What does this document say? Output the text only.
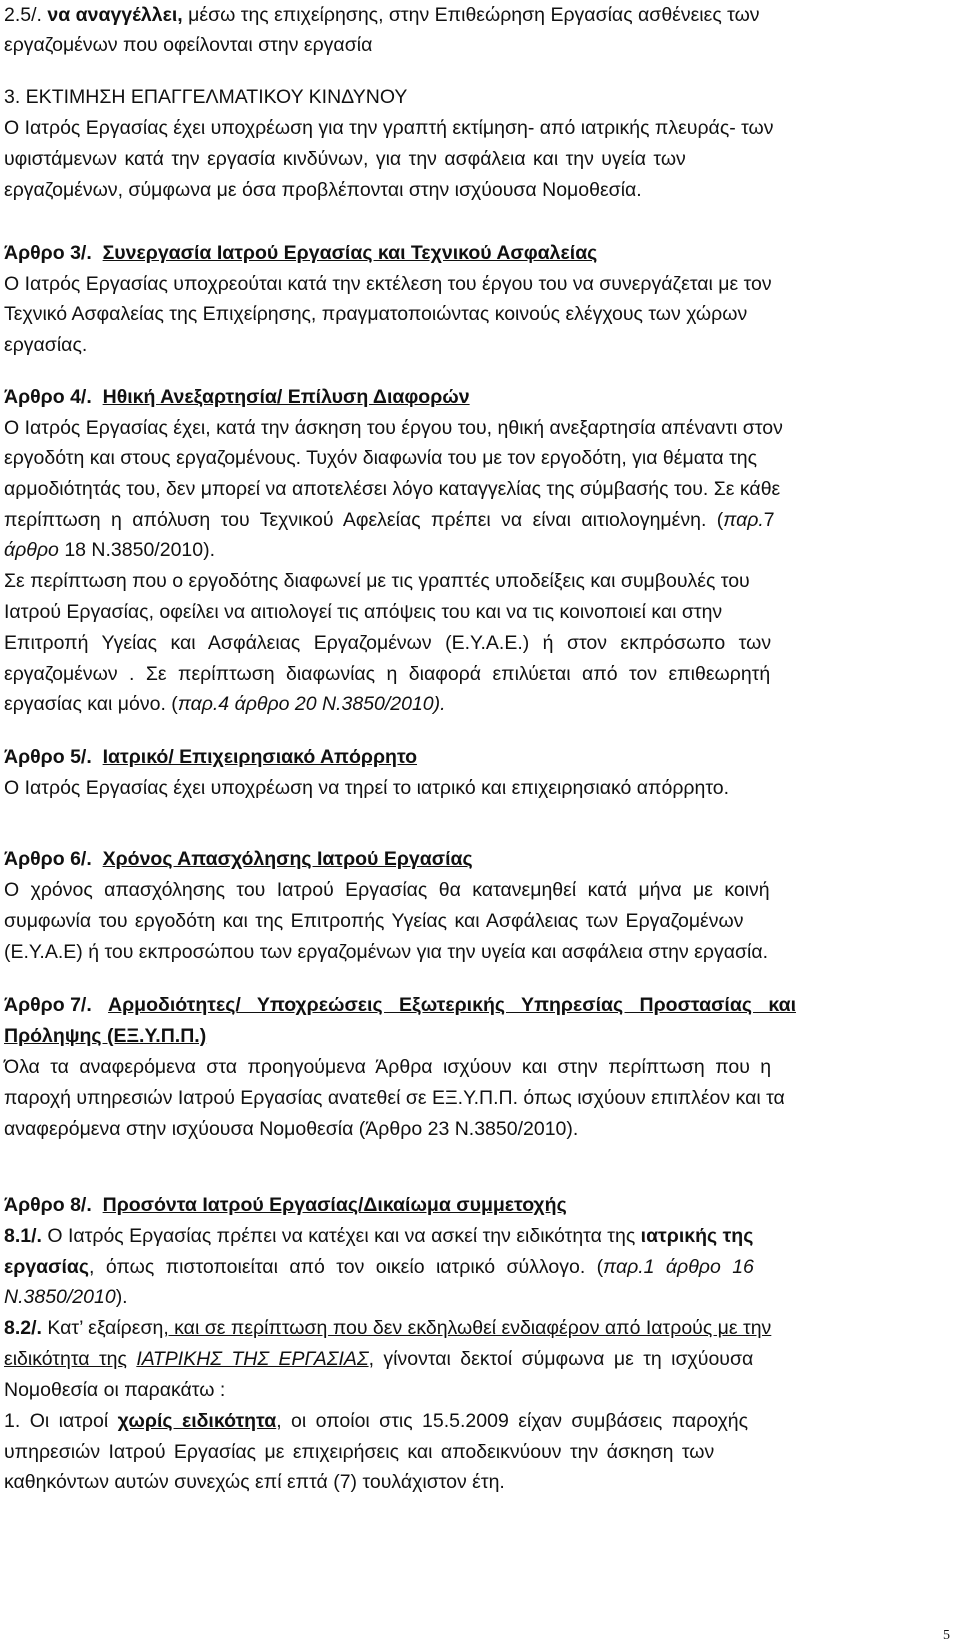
2.5/. να αναγγέλλει, μέσω της επιχείρησης, στην Επιθεώρηση Εργασίας ασθένειες των
εργαζομένων που οφείλονται στην εργασία
3. ΕΚΤΙΜΗΣΗ ΕΠΑΓΓΕΛΜΑΤΙΚΟΥ ΚΙΝΔΥΝΟΥ
Ο Ιατρός Εργασίας έχει υποχρέωση για την γραπτή εκτίμηση- από ιατρικής πλευράς- των
υφιστάμενων κατά την εργασία κινδύνων, για την ασφάλεια και την υγεία των
εργαζομένων, σύμφωνα με όσα προβλέπονται στην ισχύουσα Νομοθεσία.
Άρθρο 3/. Συνεργασία Ιατρού Εργασίας και Τεχνικού Ασφαλείας
Ο Ιατρός Εργασίας υποχρεούται κατά την εκτέλεση του έργου του να συνεργάζεται με τον
Τεχνικό Ασφαλείας της Επιχείρησης, πραγματοποιώντας κοινούς ελέγχους των χώρων
εργασίας.
Άρθρο 4/. Ηθική Ανεξαρτησία/ Επίλυση Διαφορών
Ο Ιατρός Εργασίας έχει, κατά την άσκηση του έργου του, ηθική ανεξαρτησία απέναντι στον
εργοδότη και στους εργαζομένους. Τυχόν διαφωνία του με τον εργοδότη, για θέματα της
αρμοδιότητάς του, δεν μπορεί να αποτελέσει λόγο καταγγελίας της σύμβασής του. Σε κάθε
περίπτωση η απόλυση του Τεχνικού Αφελείας πρέπει να είναι αιτιολογημένη. (παρ.7
άρθρο 18 Ν.3850/2010).
Σε περίπτωση που ο εργοδότης διαφωνεί με τις γραπτές υποδείξεις και συμβουλές του
Ιατρού Εργασίας, οφείλει να αιτιολογεί τις απόψεις του και να τις κοινοποιεί και στην
Επιτροπή Υγείας και Ασφάλειας Εργαζομένων (Ε.Υ.Α.Ε.) ή στον εκπρόσωπο των
εργαζομένων . Σε περίπτωση διαφωνίας η διαφορά επιλύεται από τον επιθεωρητή
εργασίας και μόνο. (παρ.4 άρθρο 20 Ν.3850/2010).
Άρθρο 5/. Ιατρικό/ Επιχειρησιακό Απόρρητο
Ο Ιατρός Εργασίας έχει υποχρέωση να τηρεί το ιατρικό και επιχειρησιακό απόρρητο.
Άρθρο 6/. Χρόνος Απασχόλησης Ιατρού Εργασίας
Ο χρόνος απασχόλησης του Ιατρού Εργασίας θα κατανεμηθεί κατά μήνα με κοινή
συμφωνία του εργοδότη και της Επιτροπής Υγείας και Ασφάλειας των Εργαζομένων
(Ε.Υ.Α.Ε) ή του εκπροσώπου των εργαζομένων για την υγεία και ασφάλεια στην εργασία.
Άρθρο 7/. Αρμοδιότητες/ Υποχρεώσεις Εξωτερικής Υπηρεσίας Προστασίας και
Πρόληψης (ΕΞ.Υ.Π.Π.)
Όλα τα αναφερόμενα στα προηγούμενα Άρθρα ισχύουν και στην περίπτωση που η
παροχή υπηρεσιών Ιατρού Εργασίας ανατεθεί σε ΕΞ.Υ.Π.Π. όπως ισχύουν επιπλέον και τα
αναφερόμενα στην ισχύουσα Νομοθεσία (Άρθρο 23 Ν.3850/2010).
Άρθρο 8/. Προσόντα Ιατρού Εργασίας/Δικαίωμα συμμετοχής
8.1/. Ο Ιατρός Εργασίας πρέπει να κατέχει και να ασκεί την ειδικότητα της ιατρικής της
εργασίας, όπως πιστοποιείται από τον οικείο ιατρικό σύλλογο. (παρ.1 άρθρο 16
Ν.3850/2010).
8.2/. Κατ’ εξαίρεση, και σε περίπτωση που δεν εκδηλωθεί ενδιαφέρον από Ιατρούς με την
ειδικότητα της ΙΑΤΡΙΚΗΣ ΤΗΣ ΕΡΓΑΣΙΑΣ, γίνονται δεκτοί σύμφωνα με τη ισχύουσα
Νομοθεσία οι παρακάτω :
1. Οι ιατροί χωρίς ειδικότητα, οι οποίοι στις 15.5.2009 είχαν συμβάσεις παροχής
υπηρεσιών Ιατρού Εργασίας με επιχειρήσεις και αποδεικνύουν την άσκηση των
καθηκόντων αυτών συνεχώς επί επτά (7) τουλάχιστον έτη.
5
